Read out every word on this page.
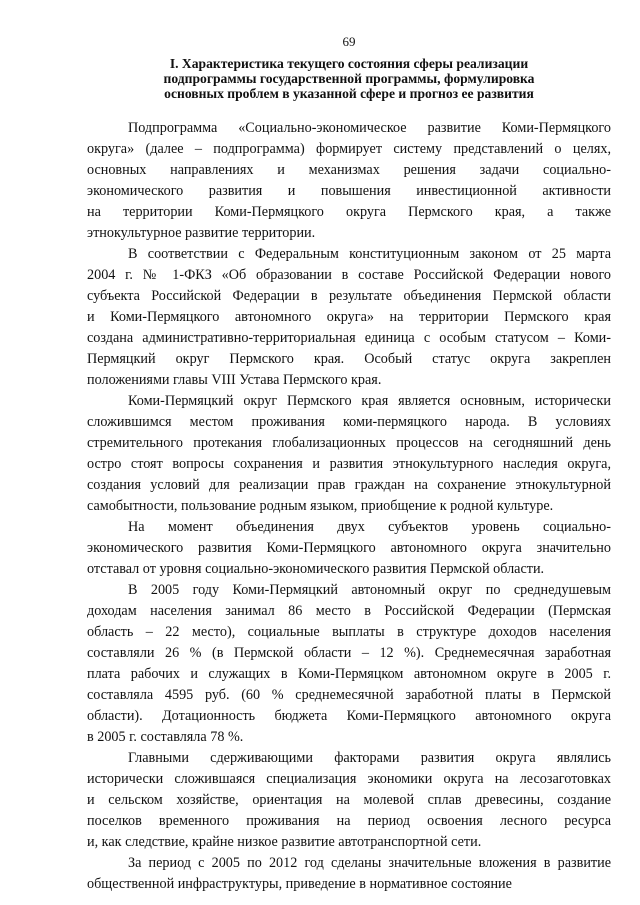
69
I. Характеристика текущего состояния сферы реализации
подпрограммы государственной программы, формулировка
основных проблем в указанной сфере и прогноз ее развития

Подпрограмма «Социально-экономическое развитие Коми-Пермяцкого
округа» (далее – подпрограмма) формирует систему представлений о целях,
основных направлениях и механизмах решения задачи социально-
экономического развития и повышения инвестиционной активности
на территории Коми-Пермяцкого округа Пермского края, а также
этнокультурное развитие территории.

В соответствии с Федеральным конституционным законом от 25 марта
2004 г. № 1-ФКЗ «Об образовании в составе Российской Федерации нового
субъекта Российской Федерации в результате объединения Пермской области
и Коми-Пермяцкого автономного округа» на территории Пермского края
создана административно-территориальная единица с особым статусом – Коми-
Пермяцкий округ Пермского края. Особый статус округа закреплен
положениями главы VIII Устава Пермского края.

Коми-Пермяцкий округ Пермского края является основным, исторически
сложившимся местом проживания коми-пермяцкого народа. В условиях
стремительного протекания глобализационных процессов на сегодняшний день
остро стоят вопросы сохранения и развития этнокультурного наследия округа,
создания условий для реализации прав граждан на сохранение этнокультурной
самобытности, пользование родным языком, приобщение к родной культуре.

На момент объединения двух субъектов уровень социально-
экономического развития Коми-Пермяцкого автономного округа значительно
отставал от уровня социально-экономического развития Пермской области.

В 2005 году Коми-Пермяцкий автономный округ по среднедушевым
доходам населения занимал 86 место в Российской Федерации (Пермская
область – 22 место), социальные выплаты в структуре доходов населения
составляли 26 % (в Пермской области – 12 %). Среднемесячная заработная
плата рабочих и служащих в Коми-Пермяцком автономном округе в 2005 г.
составляла 4595 руб. (60 % среднемесячной заработной платы в Пермской
области). Дотационность бюджета Коми-Пермяцкого автономного округа
в 2005 г. составляла 78 %.

Главными сдерживающими факторами развития округа являлись
исторически сложившаяся специализация экономики округа на лесозаготовках
и сельском хозяйстве, ориентация на молевой сплав древесины, создание
поселков временного проживания на период освоения лесного ресурса
и, как следствие, крайне низкое развитие автотранспортной сети.

За период с 2005 по 2012 год сделаны значительные вложения в развитие
общественной инфраструктуры, приведение в нормативное состояние
